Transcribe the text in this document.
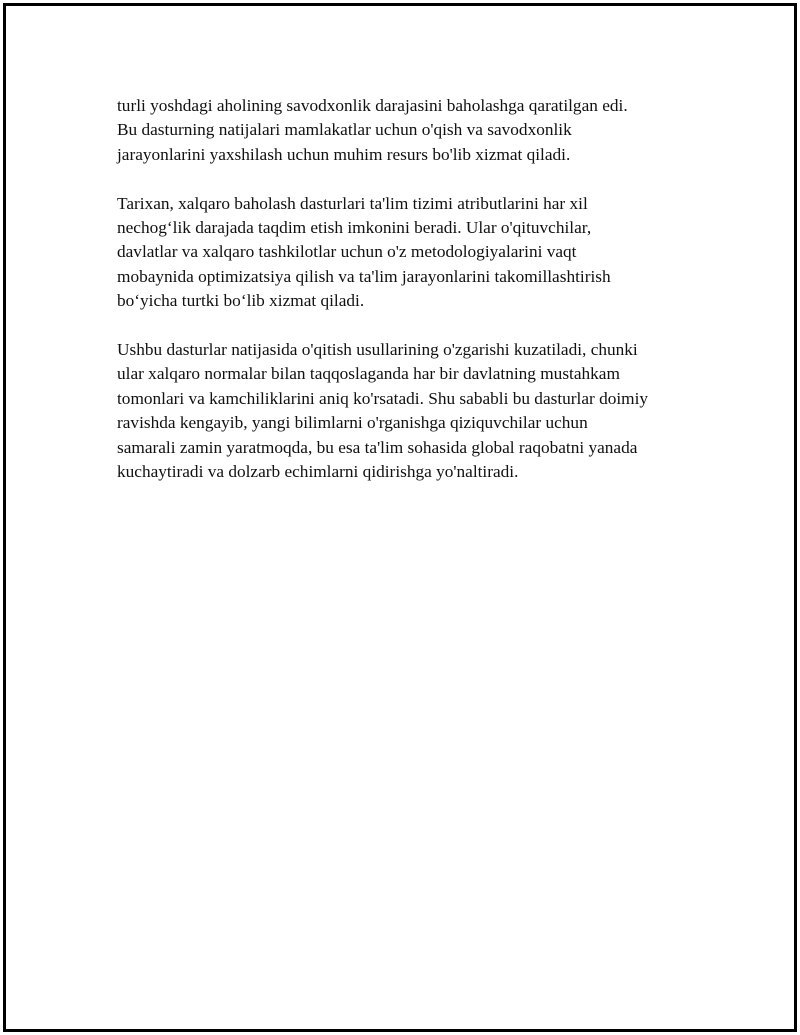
turli yoshdagi aholining savodxonlik darajasini baholashga qaratilgan edi.
Bu dasturning natijalari mamlakatlar uchun o'qish va savodxonlik
jarayonlarini yaxshilash uchun muhim resurs bo'lib xizmat qiladi.

Tarixan, xalqaro baholash dasturlari ta'lim tizimi atributlarini har xil
nechog‘lik darajada taqdim etish imkonini beradi. Ular o'qituvchilar,
davlatlar va xalqaro tashkilotlar uchun o'z metodologiyalarini vaqt
mobaynida optimizatsiya qilish va ta'lim jarayonlarini takomillashtirish
bo‘yicha turtki bo‘lib xizmat qiladi.

Ushbu dasturlar natijasida o'qitish usullarining o'zgarishi kuzatiladi, chunki
ular xalqaro normalar bilan taqqoslaganda har bir davlatning mustahkam
tomonlari va kamchiliklarini aniq ko'rsatadi. Shu sababli bu dasturlar doimiy
ravishda kengayib, yangi bilimlarni o'rganishga qiziquvchilar uchun
samarali zamin yaratmoqda, bu esa ta'lim sohasida global raqobatni yanada
kuchaytiradi va dolzarb echimlarni qidirishga yo'naltiradi.
